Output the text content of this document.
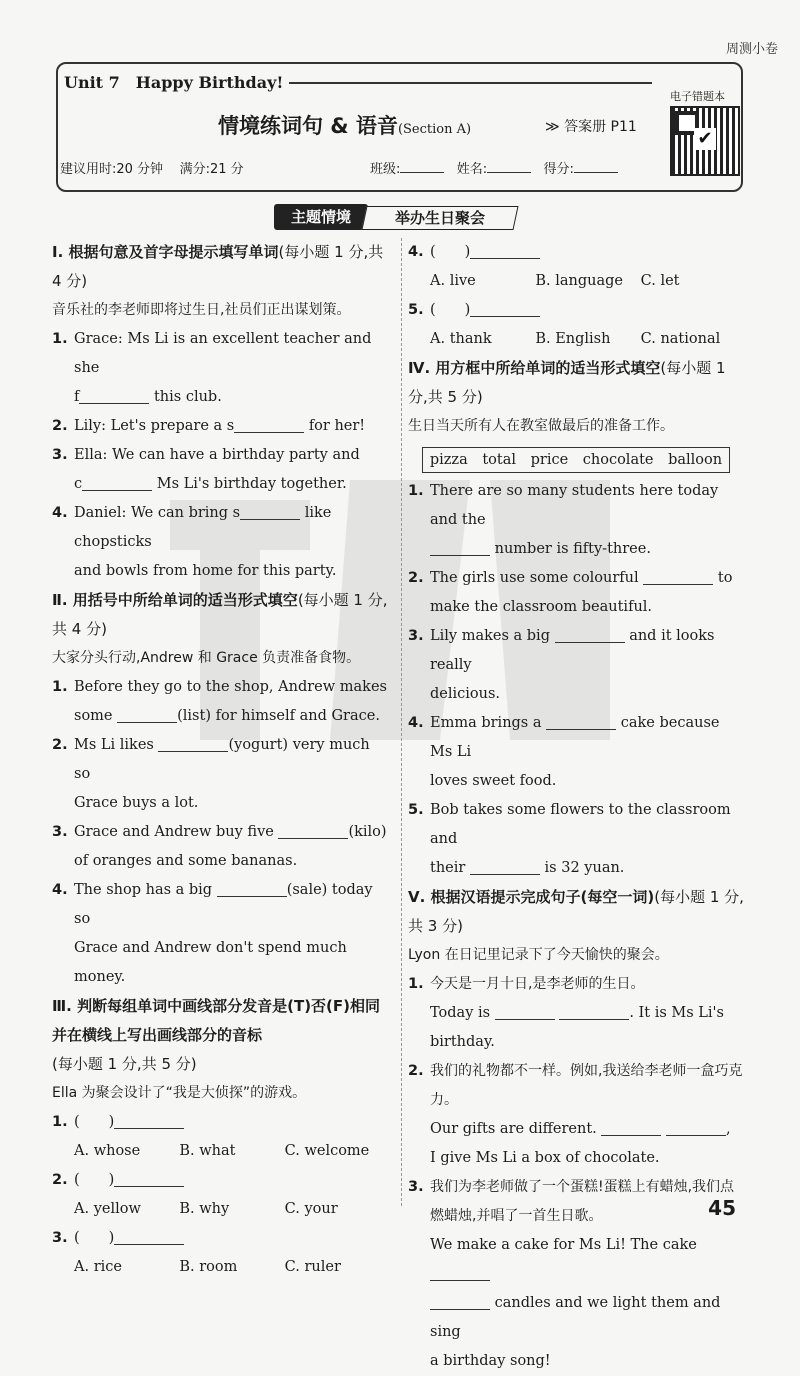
周测小卷
Unit 7　Happy Birthday!
情境练词句 & 语音(Section A)	≫ 答案册 P11
电子错题本
✔
建议用时:20 分钟 满分:21 分	班级:	姓名:	得分:
主题情境	举办生日聚会
Ⅰ. 根据句意及首字母提示填写单词(每小题 1 分,共 4 分)
音乐社的李老师即将过生日,社员们正出谋划策。
1. Grace: Ms Li is an excellent teacher and she
f	this club.
2. Lily: Let's prepare a s	for her!
3. Ella: We can have a birthday party and
c	Ms Li's birthday together.
4. Daniel: We can bring s	like chopsticks
and bowls from home for this party.
Ⅱ. 用括号中所给单词的适当形式填空(每小题 1 分,共 4 分)
大家分头行动,Andrew 和 Grace 负责准备食物。
1. Before they go to the shop, Andrew makes
some	(list) for himself and Grace.
2. Ms Li likes	(yogurt) very much so
Grace buys a lot.
3. Grace and Andrew buy five	(kilo)
of oranges and some bananas.
4. The shop has a big	(sale) today so
Grace and Andrew don't spend much money.
Ⅲ. 判断每组单词中画线部分发音是(T)否(F)相同并在横线上写出画线部分的音标
(每小题 1 分,共 5 分)
Ella 为聚会设计了“我是大侦探”的游戏。
1. (　　)
A. whose	B. what	C. welcome
2. (　　)
A. yellow	B. why	C. your
3. (　　)
A. rice	B. room	C. ruler
4. (　　)
A. live	B. language	C. let
5. (　　)
A. thank	B. English	C. national
Ⅳ. 用方框中所给单词的适当形式填空(每小题 1 分,共 5 分)
生日当天所有人在教室做最后的准备工作。
pizza total price chocolate balloon
1. There are so many students here today and the
number is fifty-three.
2. The girls use some colourful	to
make the classroom beautiful.
3. Lily makes a big	and it looks really
delicious.
4. Emma brings a	cake because Ms Li
loves sweet food.
5. Bob takes some flowers to the classroom and
their	is 32 yuan.
Ⅴ. 根据汉语提示完成句子(每空一词)(每小题 1 分,共 3 分)
Lyon 在日记里记录下了今天愉快的聚会。
1. 今天是一月十日,是李老师的生日。
Today is	. It is Ms Li's
birthday.
2. 我们的礼物都不一样。例如,我送给李老师一盒巧克力。
Our gifts are different.	,
I give Ms Li a box of chocolate.
3. 我们为李老师做了一个蛋糕!蛋糕上有蜡烛,我们点燃蜡烛,并唱了一首生日歌。
We make a cake for Ms Li! The cake
candles and we light them and sing
a birthday song!
45
